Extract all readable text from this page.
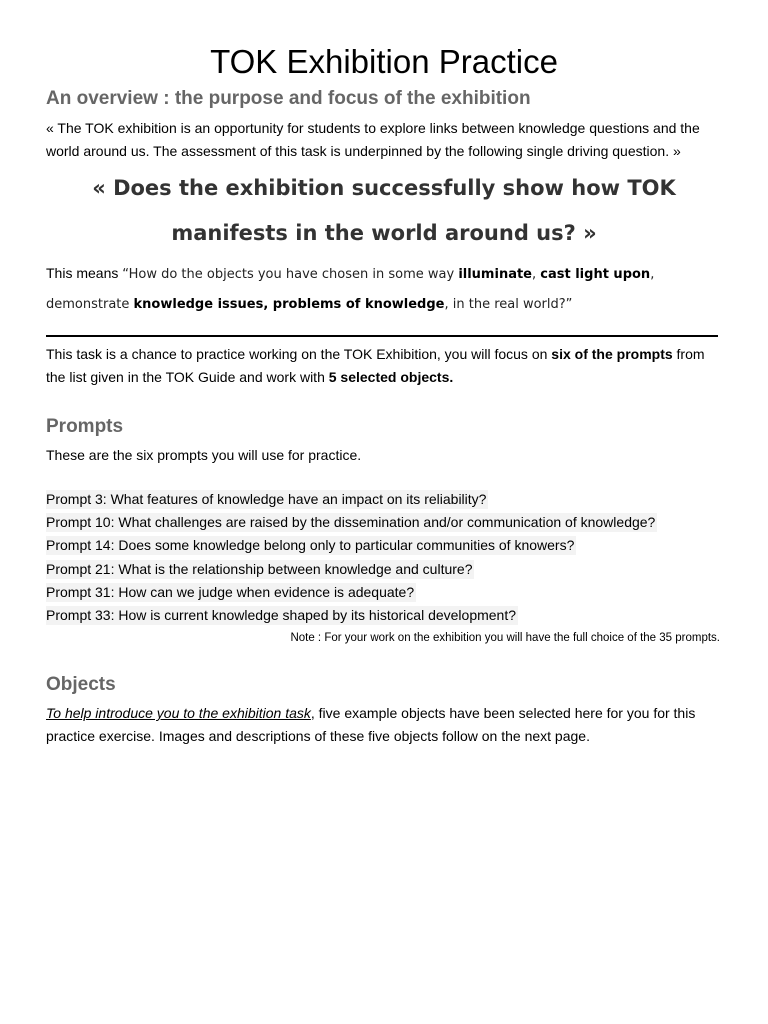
TOK Exhibition Practice
An overview : the purpose and focus of the exhibition

« The TOK exhibition is an opportunity for students to explore links between knowledge questions and the world around us. The assessment of this task is underpinned by the following single driving question. »

« Does the exhibition successfully show how TOK manifests in the world around us? »

This means “How do the objects you have chosen in some way illuminate, cast light upon, demonstrate knowledge issues, problems of knowledge, in the real world?”

This task is a chance to practice working on the TOK Exhibition, you will focus on six of the prompts from the list given in the TOK Guide and work with 5 selected objects.

Prompts

These are the six prompts you will use for practice.

Prompt 3: What features of knowledge have an impact on its reliability?
Prompt 10: What challenges are raised by the dissemination and/or communication of knowledge?
Prompt 14: Does some knowledge belong only to particular communities of knowers?
Prompt 21: What is the relationship between knowledge and culture?
Prompt 31: How can we judge when evidence is adequate?
Prompt 33: How is current knowledge shaped by its historical development?

Note : For your work on the exhibition you will have the full choice of the 35 prompts.

Objects

To help introduce you to the exhibition task, five example objects have been selected here for you for this practice exercise. Images and descriptions of these five objects follow on the next page.
